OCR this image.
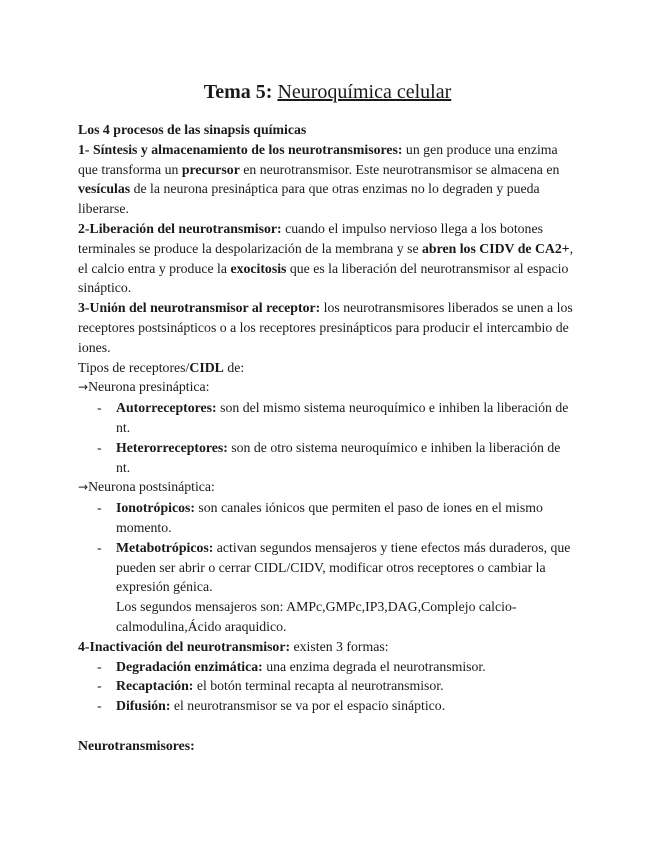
Tema 5: Neuroquímica celular

Los 4 procesos de las sinapsis químicas

1- Síntesis y almacenamiento de los neurotransmisores: un gen produce una enzima que transforma un precursor en neurotransmisor. Este neurotransmisor se almacena en vesículas de la neurona presináptica para que otras enzimas no lo degraden y pueda liberarse.

2-Liberación del neurotransmisor: cuando el impulso nervioso llega a los botones terminales se produce la despolarización de la membrana y se abren los CIDV de CA2+, el calcio entra y produce la exocitosis que es la liberación del neurotransmisor al espacio sináptico.

3-Unión del neurotransmisor al receptor: los neurotransmisores liberados se unen a los receptores postsinápticos o a los receptores presinápticos para producir el intercambio de iones.

Tipos de receptores/CIDL de:

→Neurona presináptica:

- Autorreceptores: son del mismo sistema neuroquímico e inhiben la liberación de nt.
- Heterorreceptores: son de otro sistema neuroquímico e inhiben la liberación de nt.

→Neurona postsináptica:

- Ionotrópicos: son canales iónicos que permiten el paso de iones en el mismo momento.
- Metabotrópicos: activan segundos mensajeros y tiene efectos más duraderos, que pueden ser abrir o cerrar CIDL/CIDV, modificar otros receptores o cambiar la expresión génica.
Los segundos mensajeros son: AMPc,GMPc,IP3,DAG,Complejo calcio-calmodulina,Ácido araquidico.

4-Inactivación del neurotransmisor: existen 3 formas:

- Degradación enzimática: una enzima degrada el neurotransmisor.
- Recaptación: el botón terminal recapta al neurotransmisor.
- Difusión: el neurotransmisor se va por el espacio sináptico.

Neurotransmisores:
